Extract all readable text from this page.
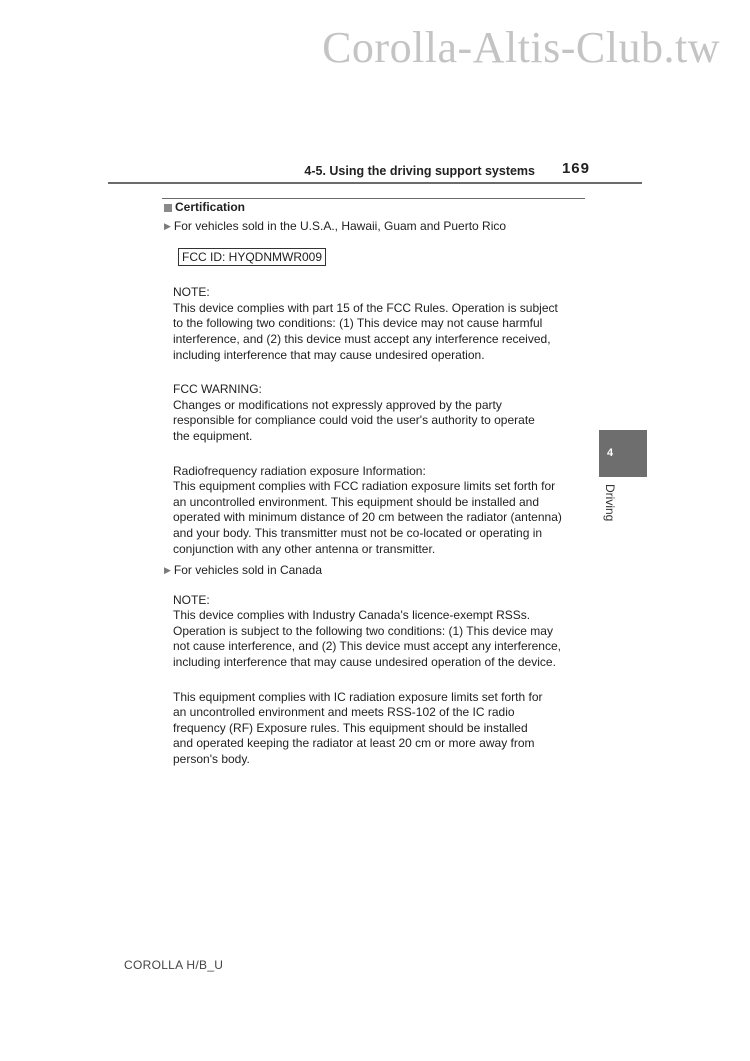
Corolla-Altis-Club.tw
4-5. Using the driving support systems 169
Certification
▶ For vehicles sold in the U.S.A., Hawaii, Guam and Puerto Rico
FCC ID: HYQDNMWR009
NOTE:
This device complies with part 15 of the FCC Rules. Operation is subject
to the following two conditions: (1) This device may not cause harmful
interference, and (2) this device must accept any interference received,
including interference that may cause undesired operation.
FCC WARNING:
Changes or modifications not expressly approved by the party
responsible for compliance could void the user's authority to operate
the equipment.
Radiofrequency radiation exposure Information:
This equipment complies with FCC radiation exposure limits set forth for
an uncontrolled environment. This equipment should be installed and
operated with minimum distance of 20 cm between the radiator (antenna)
and your body. This transmitter must not be co-located or operating in
conjunction with any other antenna or transmitter.
▶ For vehicles sold in Canada
NOTE:
This device complies with Industry Canada's licence-exempt RSSs.
Operation is subject to the following two conditions: (1) This device may
not cause interference, and (2) This device must accept any interference,
including interference that may cause undesired operation of the device.
This equipment complies with IC radiation exposure limits set forth for
an uncontrolled environment and meets RSS-102 of the IC radio
frequency (RF) Exposure rules. This equipment should be installed
and operated keeping the radiator at least 20 cm or more away from
person's body.
4
Driving
COROLLA H/B_U
